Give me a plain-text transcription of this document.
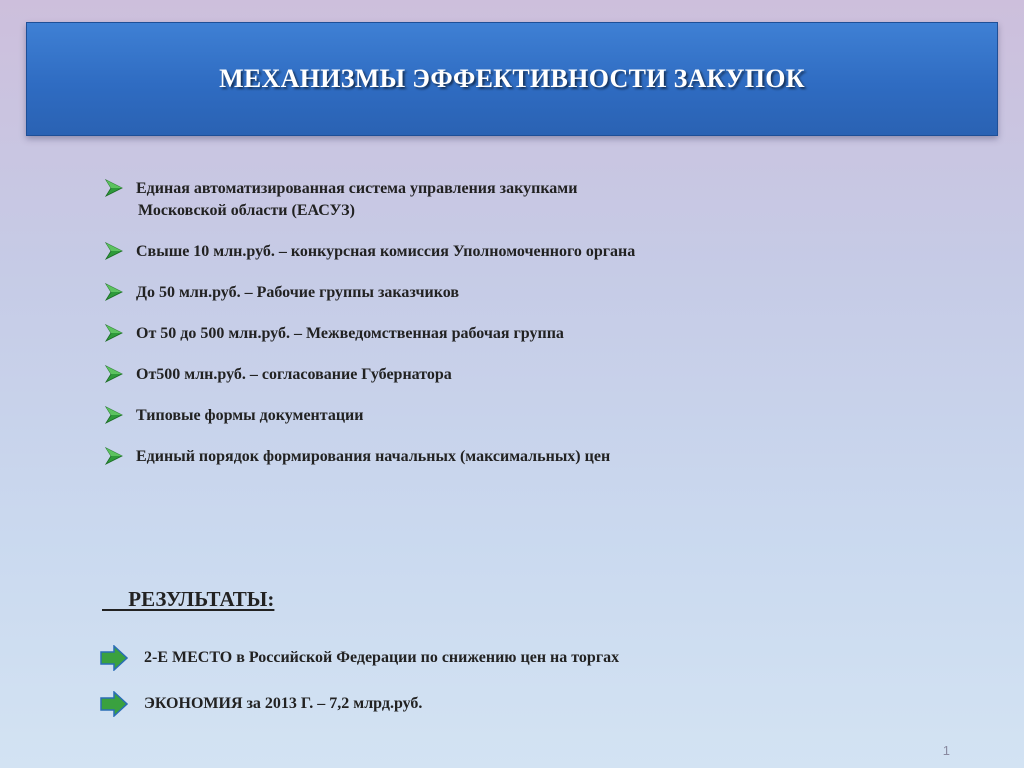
МЕХАНИЗМЫ ЭФФЕКТИВНОСТИ ЗАКУПОК
Единая автоматизированная система управления закупками
Московской области (ЕАСУЗ)
Свыше 10 млн.руб. – конкурсная комиссия Уполномоченного органа
До 50 млн.руб. – Рабочие группы заказчиков
От 50 до 500 млн.руб. – Межведомственная рабочая группа
От500 млн.руб. – согласование Губернатора
Типовые формы документации
Единый порядок формирования начальных (максимальных) цен
РЕЗУЛЬТАТЫ:
2-Е МЕСТО в Российской Федерации по снижению цен на торгах
ЭКОНОМИЯ за 2013 Г. – 7,2 млрд.руб.
1
